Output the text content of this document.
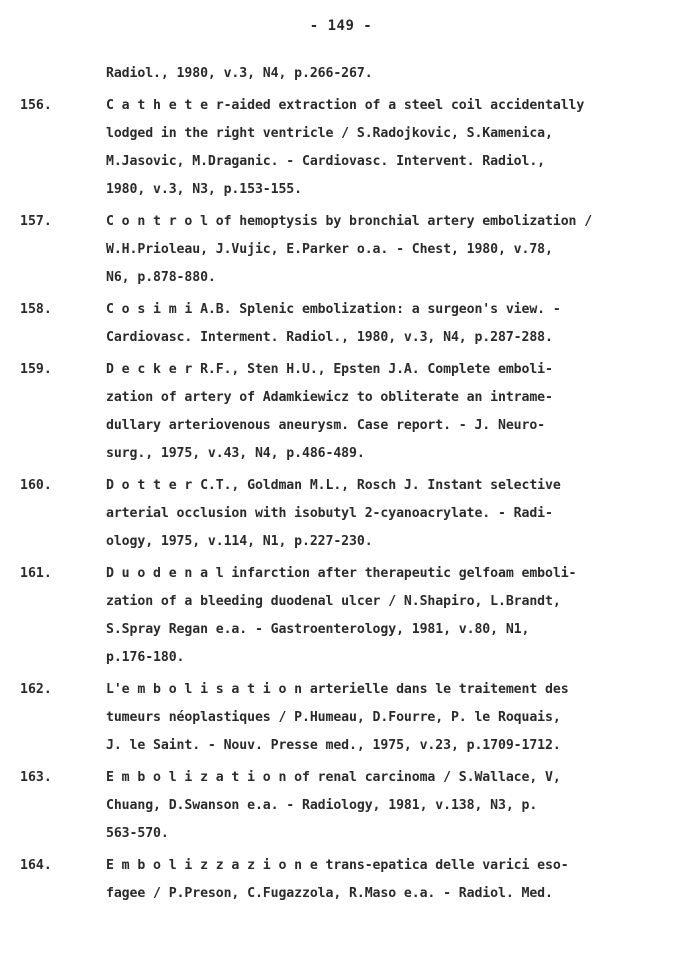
- 149 -
Radiol., 1980, v.3, N4, p.266-267.
156.	C a t h e t e r-aided extraction of a steel coil accidentally
lodged in the right ventricle / S.Radojkovic, S.Kamenica,
M.Jasovic, M.Draganic. - Cardiovasc. Intervent. Radiol.,
1980, v.3, N3, p.153-155.
157.	C o n t r o l of hemoptysis by bronchial artery embolization /
W.H.Prioleau, J.Vujic, E.Parker o.a. - Chest, 1980, v.78,
N6, p.878-880.
158.	C o s i m i A.B. Splenic embolization: a surgeon's view. -
Cardiovasc. Interment. Radiol., 1980, v.3, N4, p.287-288.
159.	D e c k e r R.F., Sten H.U., Epsten J.A. Complete emboli-
zation of artery of Adamkiewicz to obliterate an intrame-
dullary arteriovenous aneurysm. Case report. - J. Neuro-
surg., 1975, v.43, N4, p.486-489.
160.	D o t t e r C.T., Goldman M.L., Rosch J. Instant selective
arterial occlusion with isobutyl 2-cyanoacrylate. - Radi-
ology, 1975, v.114, N1, p.227-230.
161.	D u o d e n a l infarction after therapeutic gelfoam emboli-
zation of a bleeding duodenal ulcer / N.Shapiro, L.Brandt,
S.Spray Regan e.a. - Gastroenterology, 1981, v.80, N1,
p.176-180.
162.	L'e m b o l i s a t i o n arterielle dans le traitement des
tumeurs néoplastiques / P.Humeau, D.Fourre, P. le Roquais,
J. le Saint. - Nouv. Presse med., 1975, v.23, p.1709-1712.
163.	E m b o l i z a t i o n of renal carcinoma / S.Wallace, V,
Chuang, D.Swanson e.a. - Radiology, 1981, v.138, N3, p.
563-570.
164.	E m b o l i z z a z i o n e trans-epatica delle varici eso-
fagee / P.Preson, C.Fugazzola, R.Maso e.a. - Radiol. Med.
